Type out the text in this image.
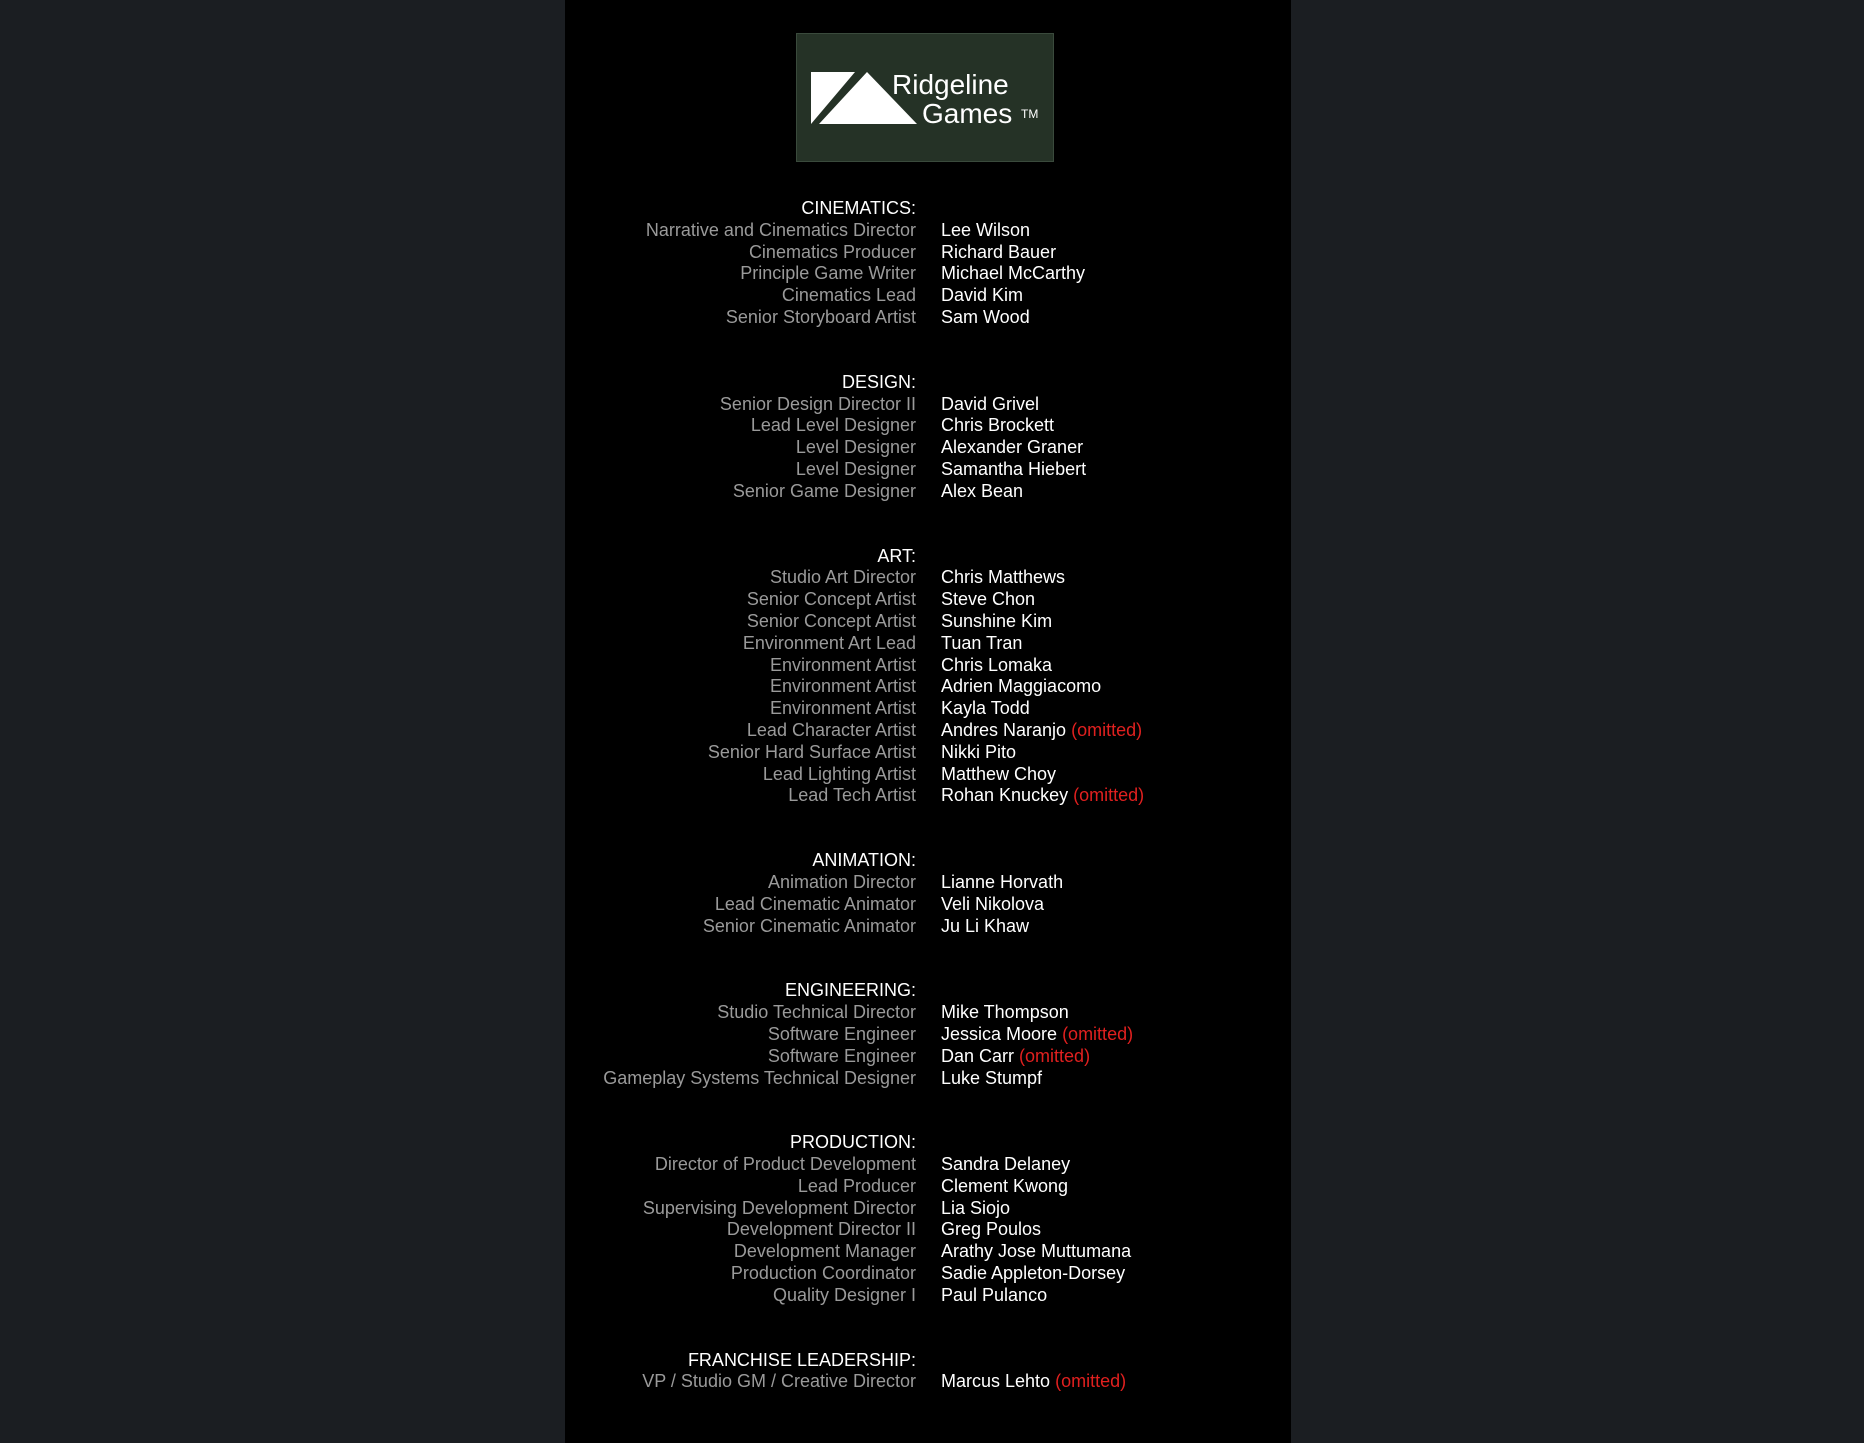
Ridgeline
Games TM
CINEMATICS:
Narrative and Cinematics Director Lee Wilson
Cinematics Producer Richard Bauer
Principle Game Writer Michael McCarthy
Cinematics Lead David Kim
Senior Storyboard Artist Sam Wood
DESIGN:
Senior Design Director II David Grivel
Lead Level Designer Chris Brockett
Level Designer Alexander Graner
Level Designer Samantha Hiebert
Senior Game Designer Alex Bean
ART:
Studio Art Director Chris Matthews
Senior Concept Artist Steve Chon
Senior Concept Artist Sunshine Kim
Environment Art Lead Tuan Tran
Environment Artist Chris Lomaka
Environment Artist Adrien Maggiacomo
Environment Artist Kayla Todd
Lead Character Artist Andres Naranjo (omitted)
Senior Hard Surface Artist Nikki Pito
Lead Lighting Artist Matthew Choy
Lead Tech Artist Rohan Knuckey (omitted)
ANIMATION:
Animation Director Lianne Horvath
Lead Cinematic Animator Veli Nikolova
Senior Cinematic Animator Ju Li Khaw
ENGINEERING:
Studio Technical Director Mike Thompson
Software Engineer Jessica Moore (omitted)
Software Engineer Dan Carr (omitted)
Gameplay Systems Technical Designer Luke Stumpf
PRODUCTION:
Director of Product Development Sandra Delaney
Lead Producer Clement Kwong
Supervising Development Director Lia Siojo
Development Director II Greg Poulos
Development Manager Arathy Jose Muttumana
Production Coordinator Sadie Appleton-Dorsey
Quality Designer I Paul Pulanco
FRANCHISE LEADERSHIP:
VP / Studio GM / Creative Director Marcus Lehto (omitted)
